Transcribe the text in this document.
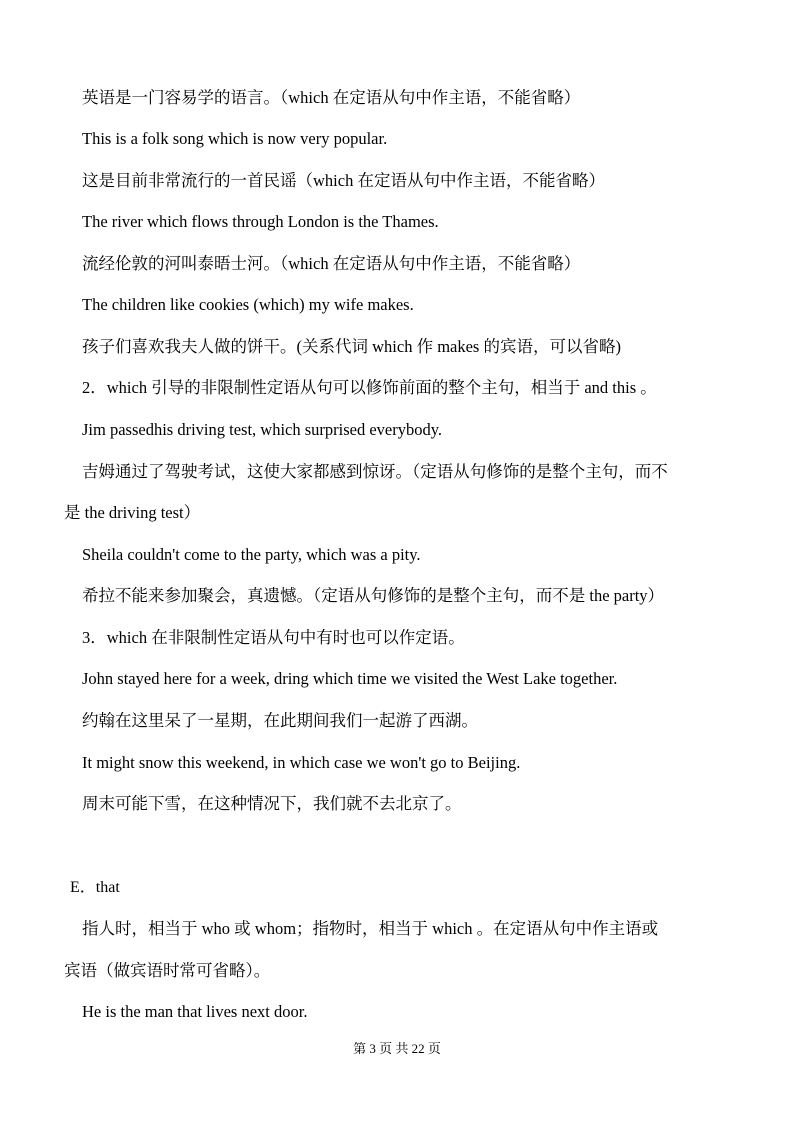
英语是一门容易学的语言。（which 在定语从句中作主语，不能省略）
This is a folk song which is now very popular.
这是目前非常流行的一首民谣（which 在定语从句中作主语，不能省略）
The river which flows through London is the Thames.
流经伦敦的河叫泰晤士河。（which 在定语从句中作主语，不能省略）
The children like cookies (which) my wife makes.
孩子们喜欢我夫人做的饼干。(关系代词 which 作 makes 的宾语，可以省略)
2．which 引导的非限制性定语从句可以修饰前面的整个主句，相当于 and this 。
Jim passedhis driving test, which surprised everybody.
吉姆通过了驾驶考试，这使大家都感到惊讶。（定语从句修饰的是整个主句，而不
是 the driving test）
Sheila couldn't come to the party, which was a pity.
希拉不能来参加聚会，真遗憾。（定语从句修饰的是整个主句，而不是 the party）
3．which 在非限制性定语从句中有时也可以作定语。
John stayed here for a week, dring which time we visited the West Lake together.
约翰在这里呆了一星期，在此期间我们一起游了西湖。
It might snow this weekend, in which case we won't go to Beijing.
周末可能下雪，在这种情况下，我们就不去北京了。
E．that
指人时，相当于 who 或 whom；指物时，相当于 which 。在定语从句中作主语或
宾语（做宾语时常可省略）。
He is the man that lives next door.
第 3 页 共 22 页
